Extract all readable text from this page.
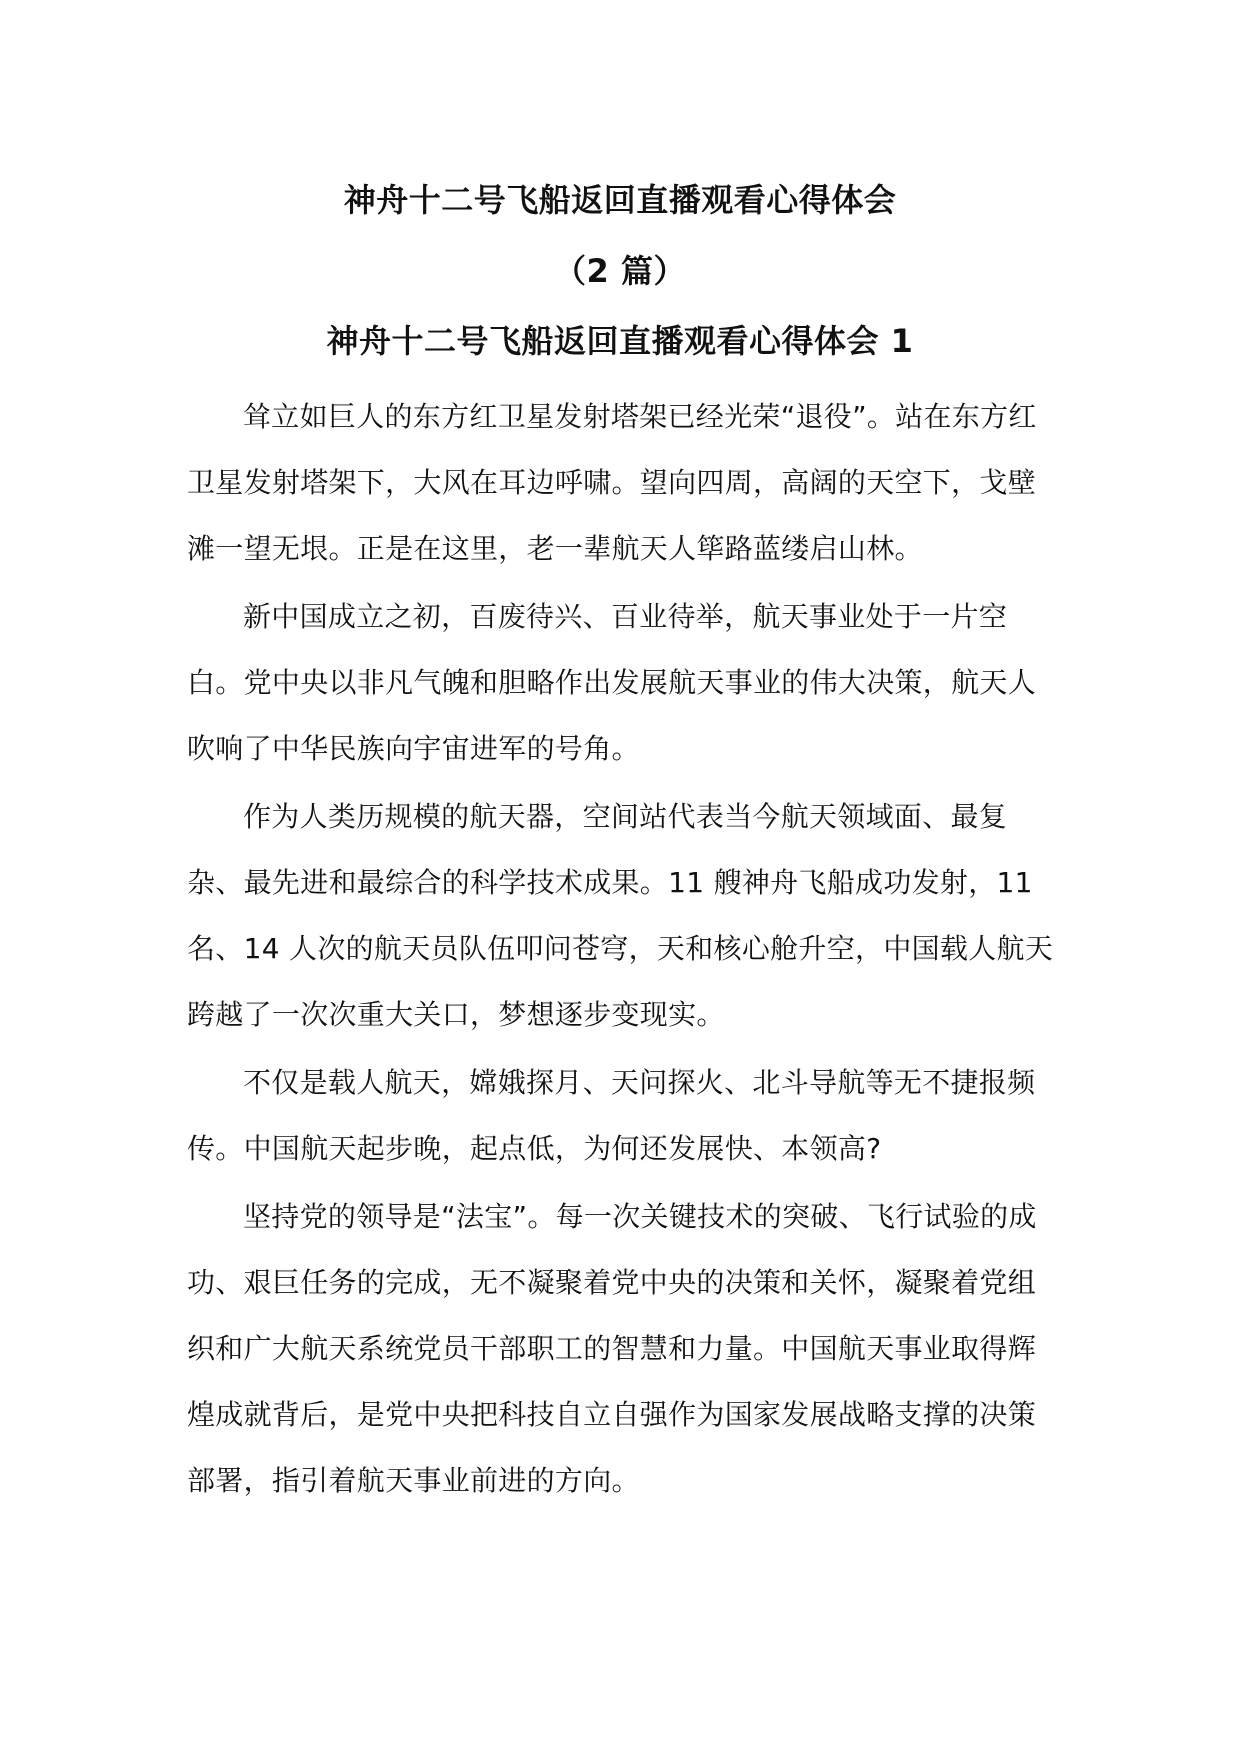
神舟十二号飞船返回直播观看心得体会
（2 篇）
神舟十二号飞船返回直播观看心得体会 1

耸立如巨人的东方红卫星发射塔架已经光荣“退役”。站在东方红卫星发射塔架下，大风在耳边呼啸。望向四周，高阔的天空下，戈壁滩一望无垠。正是在这里，老一辈航天人筚路蓝缕启山林。

新中国成立之初，百废待兴、百业待举，航天事业处于一片空白。党中央以非凡气魄和胆略作出发展航天事业的伟大决策，航天人吹响了中华民族向宇宙进军的号角。

作为人类历规模的航天器，空间站代表当今航天领域面、最复杂、最先进和最综合的科学技术成果。11 艘神舟飞船成功发射，11 名、14 人次的航天员队伍叩问苍穹，天和核心舱升空，中国载人航天跨越了一次次重大关口，梦想逐步变现实。

不仅是载人航天，嫦娥探月、天问探火、北斗导航等无不捷报频传。中国航天起步晚，起点低，为何还发展快、本领高?

坚持党的领导是“法宝”。每一次关键技术的突破、飞行试验的成功、艰巨任务的完成，无不凝聚着党中央的决策和关怀，凝聚着党组织和广大航天系统党员干部职工的智慧和力量。中国航天事业取得辉煌成就背后，是党中央把科技自立自强作为国家发展战略支撑的决策部署，指引着航天事业前进的方向。
